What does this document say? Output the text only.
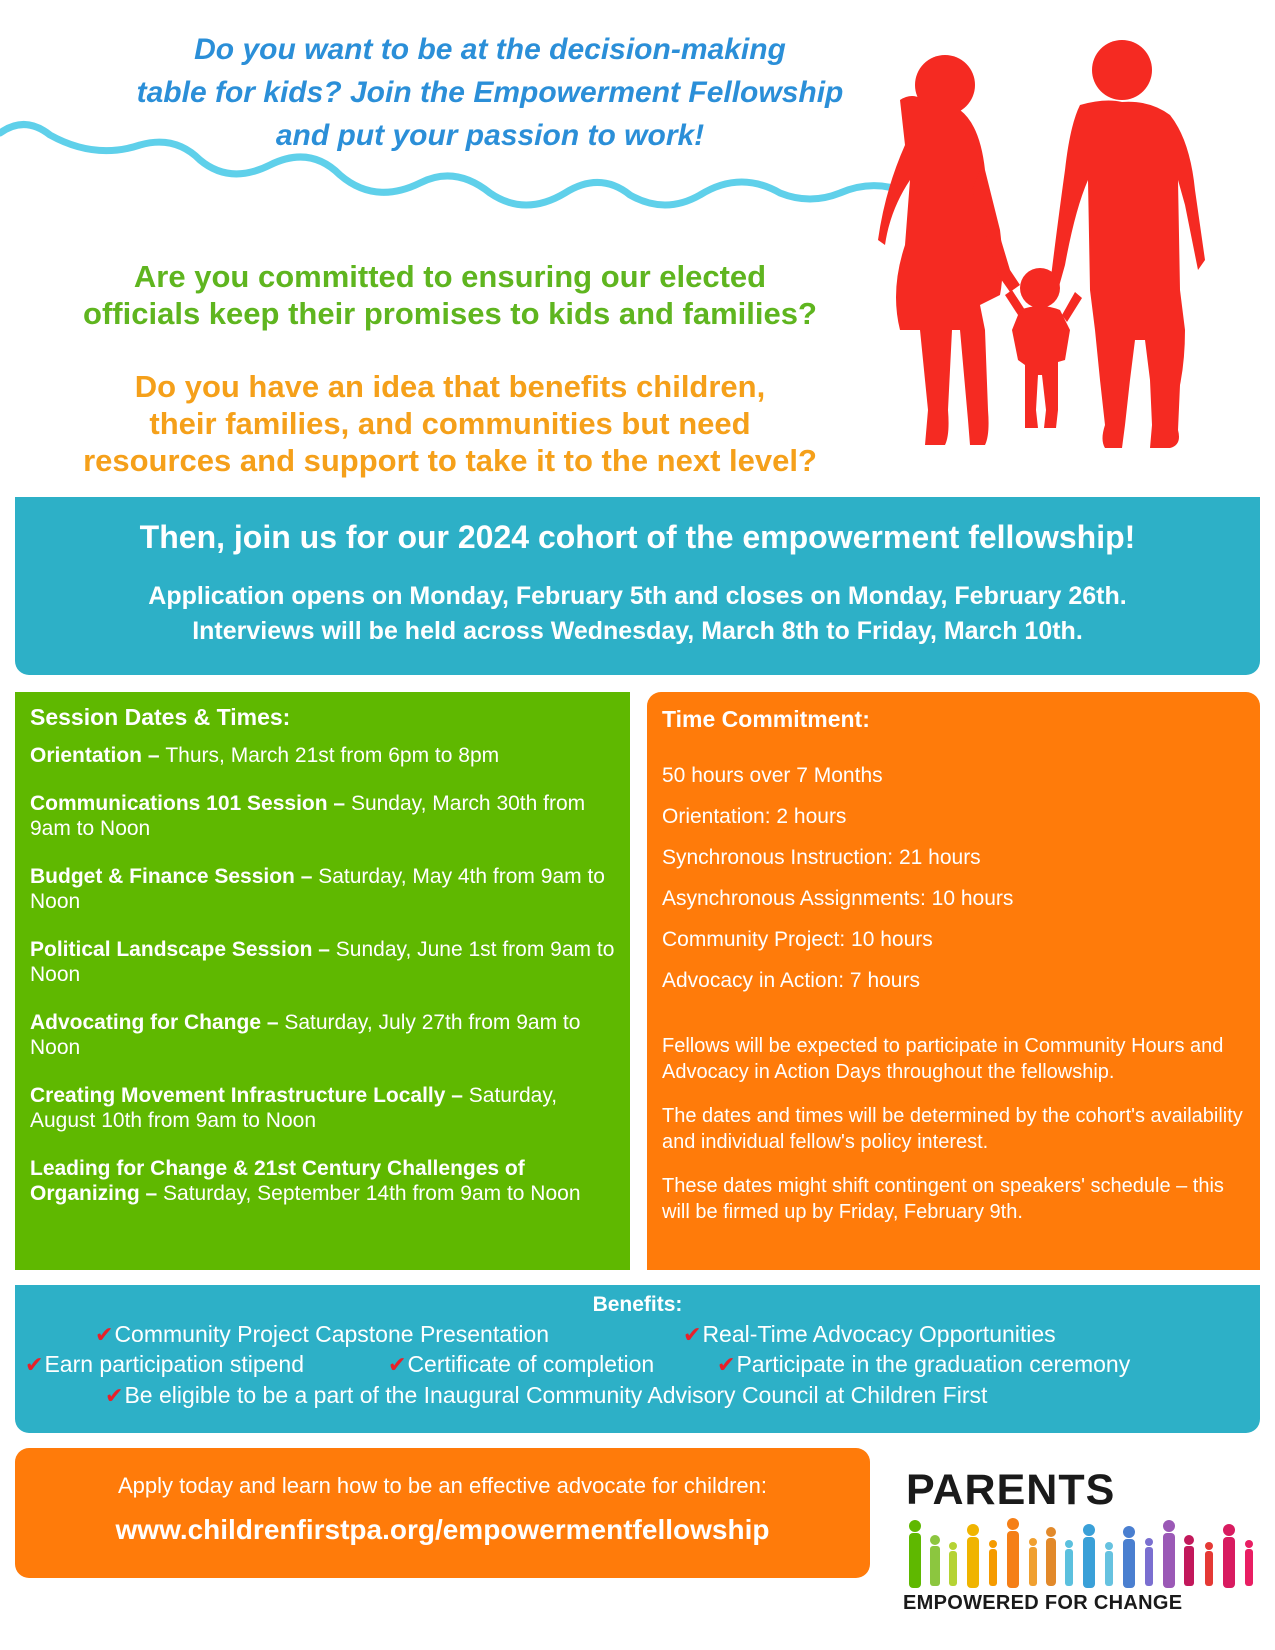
Do you want to be at the decision-making
table for kids? Join the Empowerment Fellowship
and put your passion to work!
Are you committed to ensuring our elected
officials keep their promises to kids and families?
Do you have an idea that benefits children,
their families, and communities but need
resources and support to take it to the next level?
Then, join us for our 2024 cohort of the empowerment fellowship!
Application opens on Monday, February 5th and closes on Monday, February 26th.
Interviews will be held across Wednesday, March 8th to Friday, March 10th.
Session Dates & Times:
Orientation – Thurs, March 21st from 6pm to 8pm
Communications 101 Session – Sunday, March 30th from 9am to Noon
Budget & Finance Session – Saturday, May 4th from 9am to Noon
Political Landscape Session – Sunday, June 1st from 9am to Noon
Advocating for Change – Saturday, July 27th from 9am to Noon
Creating Movement Infrastructure Locally – Saturday, August 10th from 9am to Noon
Leading for Change & 21st Century Challenges of Organizing – Saturday, September 14th from 9am to Noon
Time Commitment:
50 hours over 7 Months
Orientation: 2 hours
Synchronous Instruction: 21 hours
Asynchronous Assignments: 10 hours
Community Project: 10 hours
Advocacy in Action: 7 hours
Fellows will be expected to participate in Community Hours and Advocacy in Action Days throughout the fellowship.
The dates and times will be determined by the cohort's availability and individual fellow's policy interest.
These dates might shift contingent on speakers' schedule – this will be firmed up by Friday, February 9th.
Benefits:
✔Community Project Capstone Presentation	✔Real-Time Advocacy Opportunities
✔Earn participation stipend	✔Certificate of completion	✔Participate in the graduation ceremony
✔Be eligible to be a part of the Inaugural Community Advisory Council at Children First
Apply today and learn how to be an effective advocate for children:
www.childrenfirstpa.org/empowermentfellowship
PARENTS
EMPOWERED FOR CHANGE
